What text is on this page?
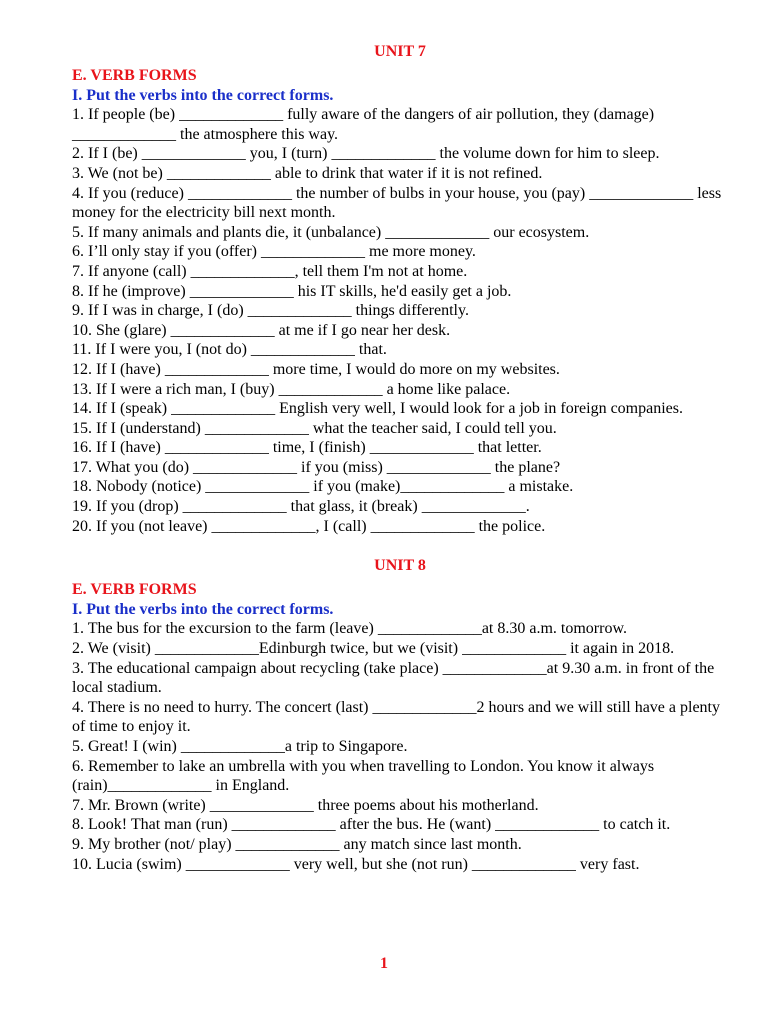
UNIT 7
E. VERB FORMS
I. Put the verbs into the correct forms.

1. If people (be) _____________ fully aware of the dangers of air pollution, they (damage) _____________ the atmosphere this way.

2. If I (be) _____________ you, I (turn) _____________ the volume down for him to sleep.

3. We (not be) _____________ able to drink that water if it is not refined.

4. If you (reduce) _____________ the number of bulbs in your house, you (pay) _____________ less money for the electricity bill next month.

5. If many animals and plants die, it (unbalance) _____________ our ecosystem.

6. I’ll only stay if you (offer) _____________ me more money.

7. If anyone (call) _____________, tell them I'm not at home.

8. If he (improve) _____________ his IT skills, he'd easily get a job.

9. If I was in charge, I (do) _____________ things differently.

10. She (glare) _____________ at me if I go near her desk.

11. If I were you, I (not do) _____________ that.

12. If I (have) _____________ more time, I would do more on my websites.

13. If I were a rich man, I (buy) _____________ a home like palace.

14. If I (speak) _____________ English very well, I would look for a job in foreign companies.

15. If I (understand) _____________ what the teacher said, I could tell you.

16. If I (have) _____________ time, I (finish) _____________ that letter.

17. What you (do) _____________ if you (miss) _____________ the plane?

18. Nobody (notice) _____________ if you (make)_____________ a mistake.

19. If you (drop) _____________ that glass, it (break) _____________.

20. If you (not leave) _____________, I (call) _____________ the police.

UNIT 8
E. VERB FORMS
I. Put the verbs into the correct forms.

1. The bus for the excursion to the farm (leave) _____________at 8.30 a.m. tomorrow.

2. We (visit) _____________Edinburgh twice, but we (visit) _____________ it again in 2018.

3. The educational campaign about recycling (take place) _____________at 9.30 a.m. in front of the local stadium.

4. There is no need to hurry. The concert (last) _____________2 hours and we will still have a plenty of time to enjoy it.

5. Great! I (win) _____________a trip to Singapore.

6. Remember to lake an umbrella with you when travelling to London. You know it always (rain)_____________ in England.

7. Mr. Brown (write) _____________ three poems about his motherland.

8. Look! That man (run) _____________ after the bus. He (want) _____________ to catch it.

9. My brother (not/ play) _____________ any match since last month.

10. Lucia (swim) _____________ very well, but she (not run) _____________ very fast.

1
